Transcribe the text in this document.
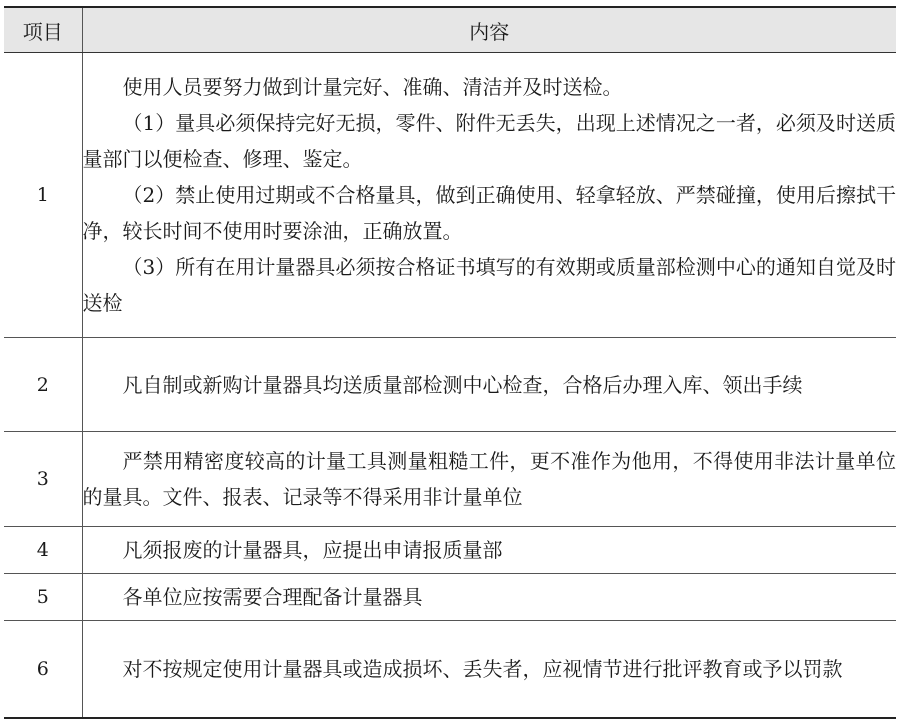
项目	内容
1	使用人员要努力做到计量完好、准确、清洁并及时送检。
（1）量具必须保持完好无损，零件、附件无丢失，出现上述情况之一者，必须及时送质量部门以便检查、修理、鉴定。
（2）禁止使用过期或不合格量具，做到正确使用、轻拿轻放、严禁碰撞，使用后擦拭干净，较长时间不使用时要涂油，正确放置。
（3）所有在用计量器具必须按合格证书填写的有效期或质量部检测中心的通知自觉及时送检

2	凡自制或新购计量器具均送质量部检测中心检查，合格后办理入库、领出手续

3	严禁用精密度较高的计量工具测量粗糙工件，更不准作为他用，不得使用非法计量单位的量具。文件、报表、记录等不得采用非计量单位

4	凡须报废的计量器具，应提出申请报质量部

5	各单位应按需要合理配备计量器具

6	对不按规定使用计量器具或造成损坏、丢失者，应视情节进行批评教育或予以罚款
